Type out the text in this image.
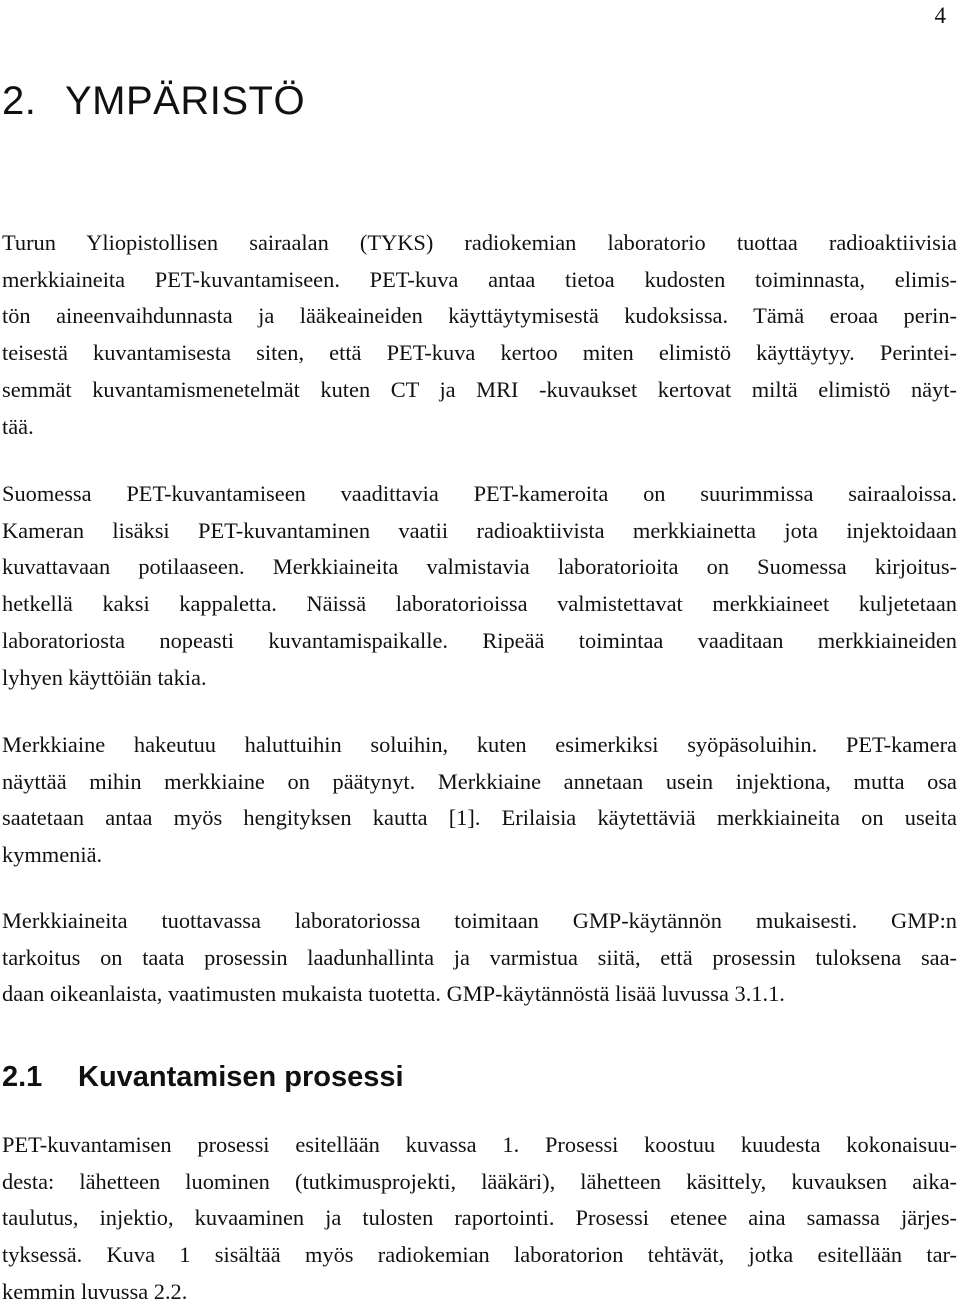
4
2. YMPÄRISTÖ

Turun Yliopistollisen sairaalan (TYKS) radiokemian laboratorio tuottaa radioaktiivisia
merkkiaineita PET-kuvantamiseen. PET-kuva antaa tietoa kudosten toiminnasta, elimis-
tön aineenvaihdunnasta ja lääkeaineiden käyttäytymisestä kudoksissa. Tämä eroaa perin-
teisestä kuvantamisesta siten, että PET-kuva kertoo miten elimistö käyttäytyy. Perintei-
semmät kuvantamismenetelmät kuten CT ja MRI -kuvaukset kertovat miltä elimistö näyt-
tää.

Suomessa PET-kuvantamiseen vaadittavia PET-kameroita on suurimmissa sairaaloissa.
Kameran lisäksi PET-kuvantaminen vaatii radioaktiivista merkkiainetta jota injektoidaan
kuvattavaan potilaaseen. Merkkiaineita valmistavia laboratorioita on Suomessa kirjoitus-
hetkellä kaksi kappaletta. Näissä laboratorioissa valmistettavat merkkiaineet kuljetetaan
laboratoriosta nopeasti kuvantamispaikalle. Ripeää toimintaa vaaditaan merkkiaineiden
lyhyen käyttöiän takia.

Merkkiaine hakeutuu haluttuihin soluihin, kuten esimerkiksi syöpäsoluihin. PET-kamera
näyttää mihin merkkiaine on päätynyt. Merkkiaine annetaan usein injektiona, mutta osa
saatetaan antaa myös hengityksen kautta [1]. Erilaisia käytettäviä merkkiaineita on useita
kymmeniä.

Merkkiaineita tuottavassa laboratoriossa toimitaan GMP-käytännön mukaisesti. GMP:n
tarkoitus on taata prosessin laadunhallinta ja varmistua siitä, että prosessin tuloksena saa-
daan oikeanlaista, vaatimusten mukaista tuotetta. GMP-käytännöstä lisää luvussa 3.1.1.

2.1 Kuvantamisen prosessi

PET-kuvantamisen prosessi esitellään kuvassa 1. Prosessi koostuu kuudesta kokonaisuu-
desta: lähetteen luominen (tutkimusprojekti, lääkäri), lähetteen käsittely, kuvauksen aika-
taulutus, injektio, kuvaaminen ja tulosten raportointi. Prosessi etenee aina samassa järjes-
tyksessä. Kuva 1 sisältää myös radiokemian laboratorion tehtävät, jotka esitellään tar-
kemmin luvussa 2.2.
